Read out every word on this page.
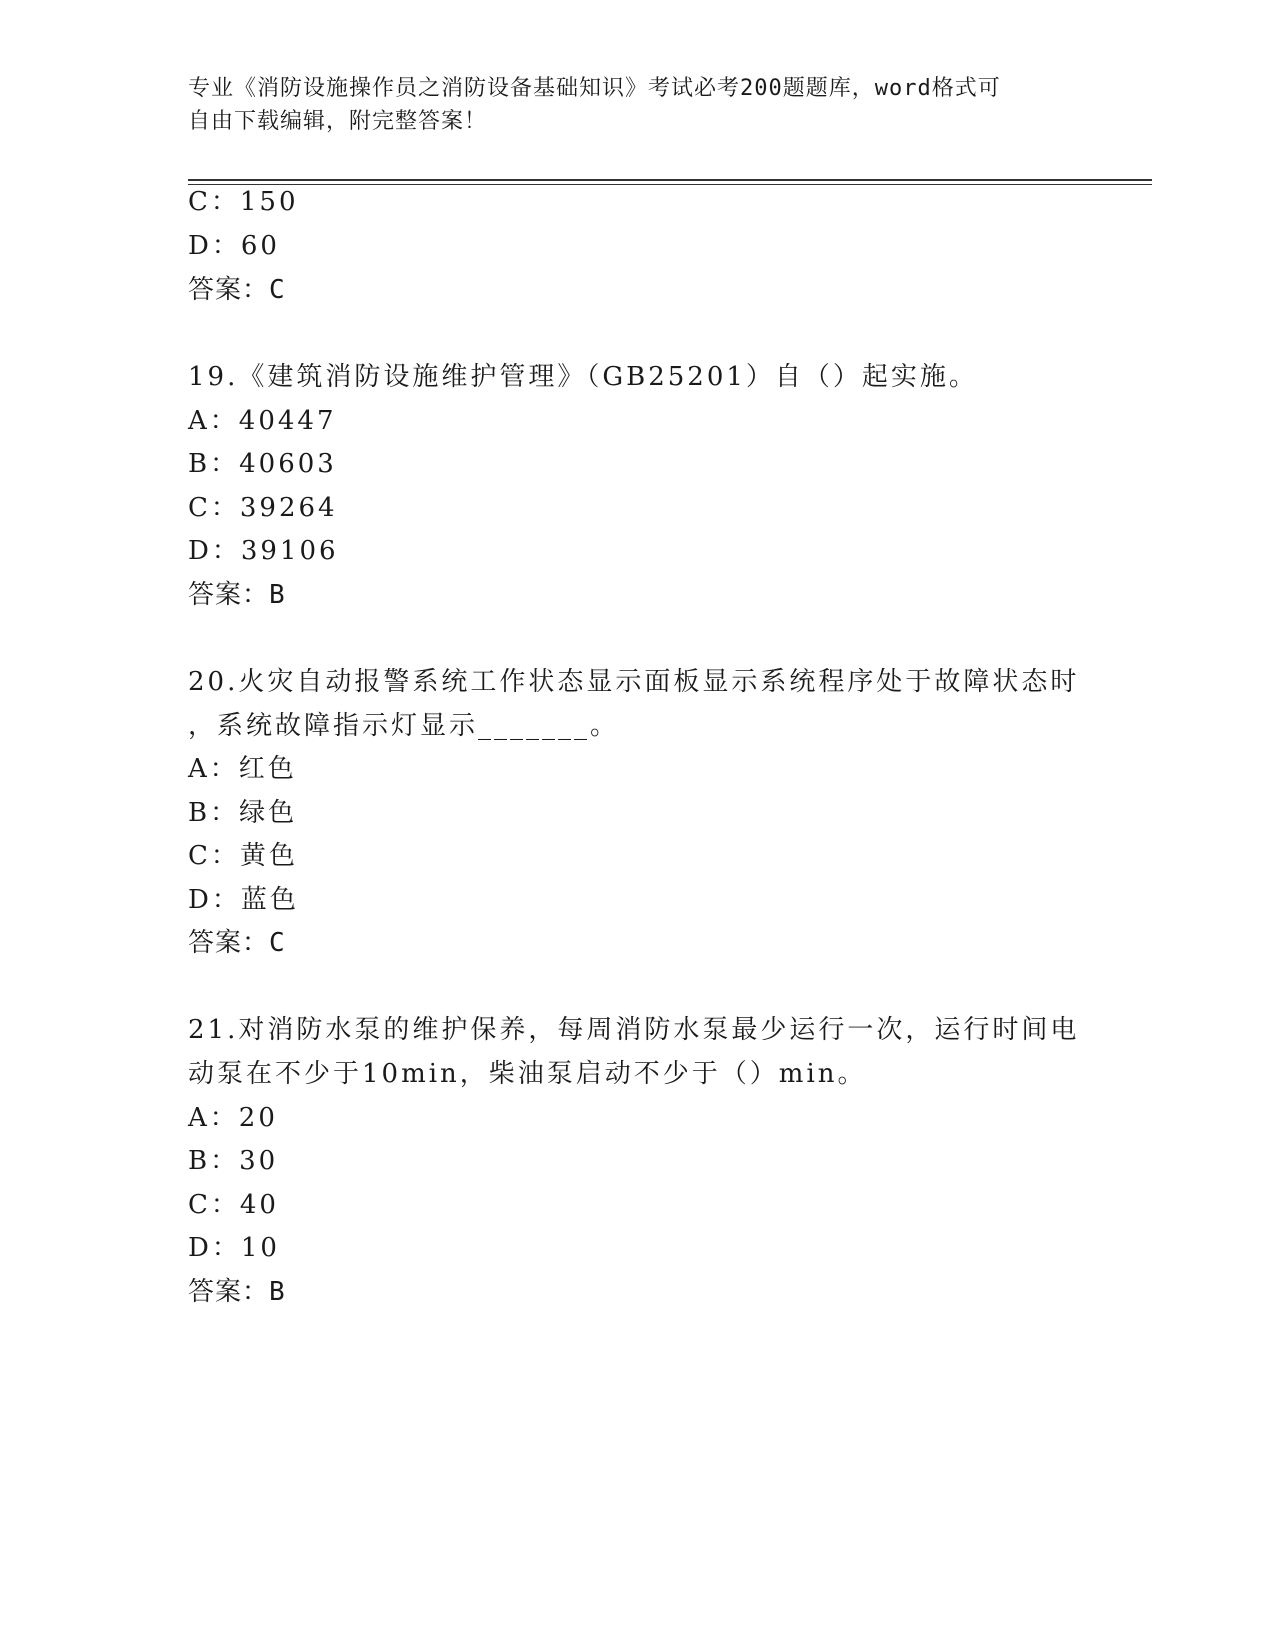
专业《消防设施操作员之消防设备基础知识》考试必考200题题库，word格式可
自由下载编辑，附完整答案！
C：150
D：60
答案：C
19.《建筑消防设施维护管理》（GB25201）自（）起实施。
A：40447
B：40603
C：39264
D：39106
答案：B
20.火灾自动报警系统工作状态显示面板显示系统程序处于故障状态时
，系统故障指示灯显示_______。
A：红色
B：绿色
C：黄色
D：蓝色
答案：C
21.对消防水泵的维护保养，每周消防水泵最少运行一次，运行时间电
动泵在不少于10min，柴油泵启动不少于（）min。
A：20
B：30
C：40
D：10
答案：B
